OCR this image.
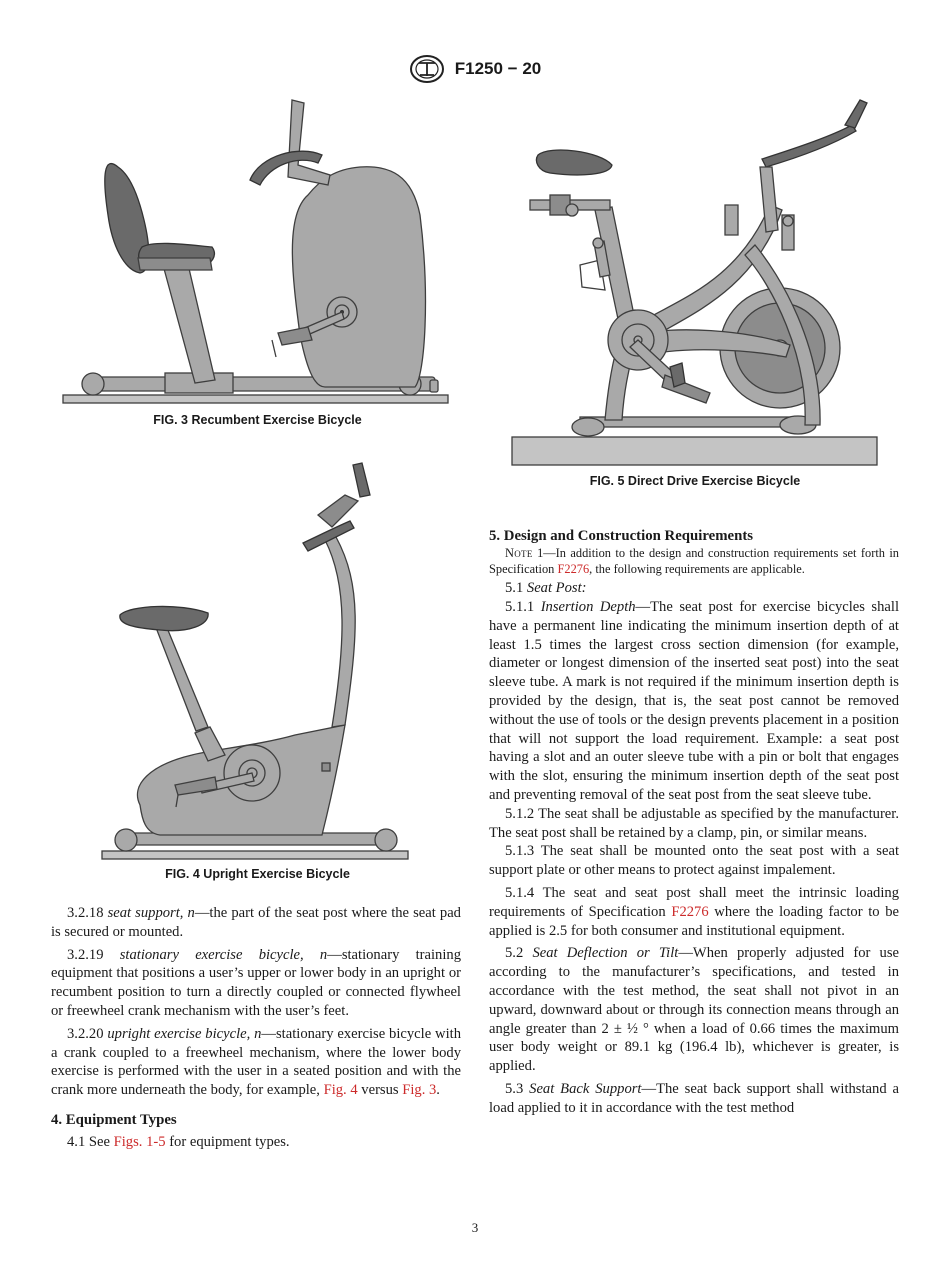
F1250 − 20
FIG. 3 Recumbent Exercise Bicycle
FIG. 5 Direct Drive Exercise Bicycle
FIG. 4 Upright Exercise Bicycle

3.2.18 seat support, n—the part of the seat post where the seat pad is secured or mounted.

3.2.19 stationary exercise bicycle, n—stationary training equipment that positions a user’s upper or lower body in an upright or recumbent position to turn a directly coupled or connected flywheel or freewheel crank mechanism with the user’s feet.

3.2.20 upright exercise bicycle, n—stationary exercise bicycle with a crank coupled to a freewheel mechanism, where the lower body exercise is performed with the user in a seated position and with the crank more underneath the body, for example, Fig. 4 versus Fig. 3.

4. Equipment Types

4.1 See Figs. 1-5 for equipment types.

5. Design and Construction Requirements

Note 1—In addition to the design and construction requirements set forth in Specification F2276, the following requirements are applicable.

5.1 Seat Post:

5.1.1 Insertion Depth—The seat post for exercise bicycles shall have a permanent line indicating the minimum insertion depth of at least 1.5 times the largest cross section dimension (for example, diameter or longest dimension of the inserted seat post) into the seat sleeve tube. A mark is not required if the minimum insertion depth is provided by the design, that is, the seat post cannot be removed without the use of tools or the design prevents placement in a position that will not support the load requirement. Example: a seat post having a slot and an outer sleeve tube with a pin or bolt that engages with the slot, ensuring the minimum insertion depth of the seat post and preventing removal of the seat post from the seat sleeve tube.

5.1.2 The seat shall be adjustable as specified by the manufacturer. The seat post shall be retained by a clamp, pin, or similar means.

5.1.3 The seat shall be mounted onto the seat post with a seat support plate or other means to protect against impalement.

5.1.4 The seat and seat post shall meet the intrinsic loading requirements of Specification F2276 where the loading factor to be applied is 2.5 for both consumer and institutional equipment.

5.2 Seat Deflection or Tilt—When properly adjusted for use according to the manufacturer’s specifications, and tested in accordance with the test method, the seat shall not pivot in an upward, downward about or through its connection means through an angle greater than 2 ± ½ ° when a load of 0.66 times the maximum user body weight or 89.1 kg (196.4 lb), whichever is greater, is applied.

5.3 Seat Back Support—The seat back support shall withstand a load applied to it in accordance with the test method

3
